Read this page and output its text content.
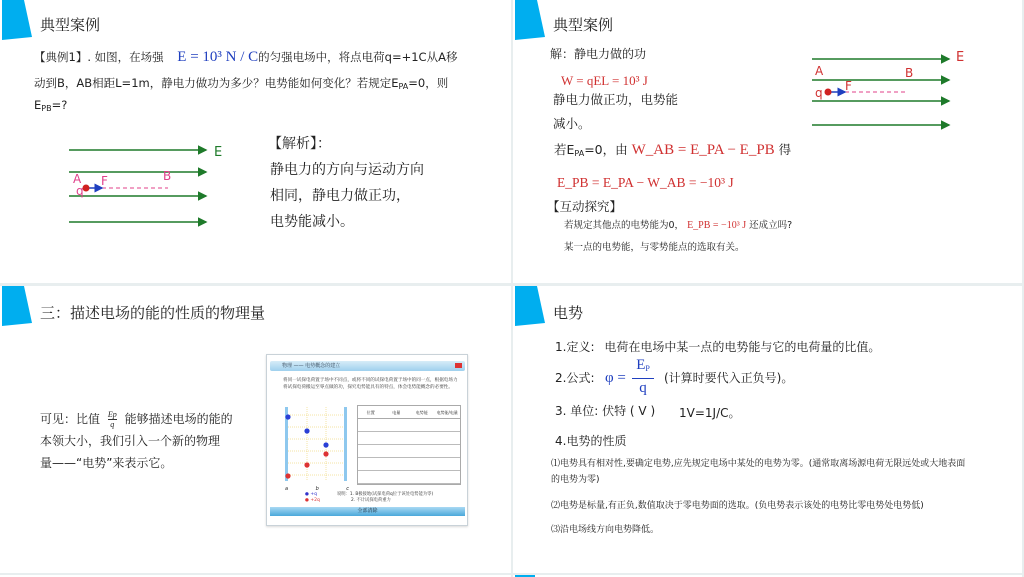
典型案例
【典例1】. 如图，在场强 E = 10³ N / C的匀强电场中，将点电荷q=+1C从A移
动到B，AB相距L=1m，静电力做功为多少？电势能如何变化？若规定$E_{PA}=0$，则
$E_{PB}=$?
E
A	B
F
q
【解析】：
静电力的方向与运动方向
相同，静电力做正功，
电势能减小。
典型案例
解：静电力做的功
W = qEL = 10³ J
静电力做正功，电势能
减小。
若$E_{PA}=0$，由 W_AB = E_PA − E_PB 得
E_PB = E_PA − W_AB = −10³ J
【互动探究】
若规定其他点的电势能为0， E_PB = −10³ J 还成立吗?
某一点的电势能，与零势能点的选取有关。
E
A	B
F
q
三：描述电场的能的性质的物理量
可见：比值 $\frac{Ep}{q}$ 能够描述电场的能的
本领大小，我们引入一个新的物理
量——“电势”来表示它。
物理 —— 电势概念的建立
将同一试探电荷置于场中不同点，或将不同的试探电荷置于场中的同一点，根据电场力将试探电荷搬运至零点做的功，探究电势能具有的特点，体会电势能概念的必要性。
a	b	c
位置	电量	电势能	电势能/电量
● +q
● +2q
说明：1. B极接地(试探电荷q位于该处电势能为零)
2. 不计试探电荷重力
全部清除
电势
1.定义: 电荷在电场中某一点的电势能与它的电荷量的比值。
2.公式: $\varphi = \frac{E_P}{q}$ (计算时要代入正负号)。
3. 单位: 伏特 ( V ) 1V=1J/C。
4.电势的性质
⑴电势具有相对性,要确定电势,应先规定电场中某处的电势为零。(通常取离场源电荷无限远处或大地表面
的电势为零)
⑵电势是标量,有正负,数值取决于零电势面的选取。(负电势表示该处的电势比零电势处电势低)
⑶沿电场线方向电势降低。
